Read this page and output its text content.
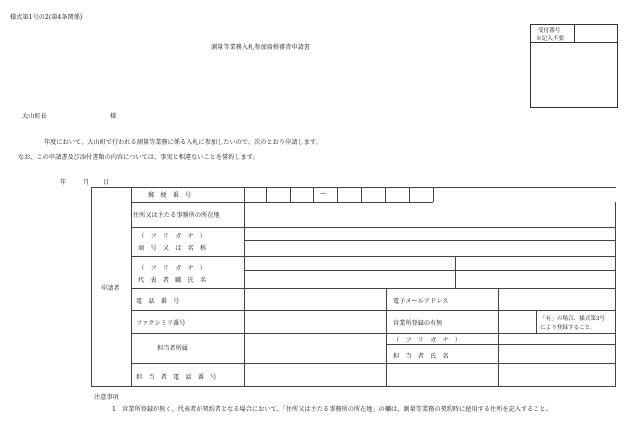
様式第1号の2(第4条関係)
受付番号
※記入不要
測量等業務入札参加資格審査申請書
大山町長	様
年度において、大山町で行われる測量等業務に係る入札に参加したいので、次のとおり申請します。
なお、この申請書及び添付書類の内容については、事実と相違ないことを誓約します。
年	月 日
申請者
郵　便　番　号	—
住所又は主たる事務所の所在地
（　フ　リ　ガ　ナ　）
商　号　又　は　名　称
（　フ　リ　ガ　ナ　）
代　表　者　職　氏　名
電　話　番　号	電子メールアドレス
ファクシミリ番号	営業所登録の有無
「有」の場合、様式第3号
により登録すること。
担当者所属
（　フ　リ　ガ　ナ　）
担　当　者　氏　名
担　当　者　電　話　番　号
注意事項
1　営業所登録が無く、代表者が契約者となる場合において、「住所又は主たる事務所の所在地」の欄は、測量等業務の契約時に使用する住所を記入すること。
